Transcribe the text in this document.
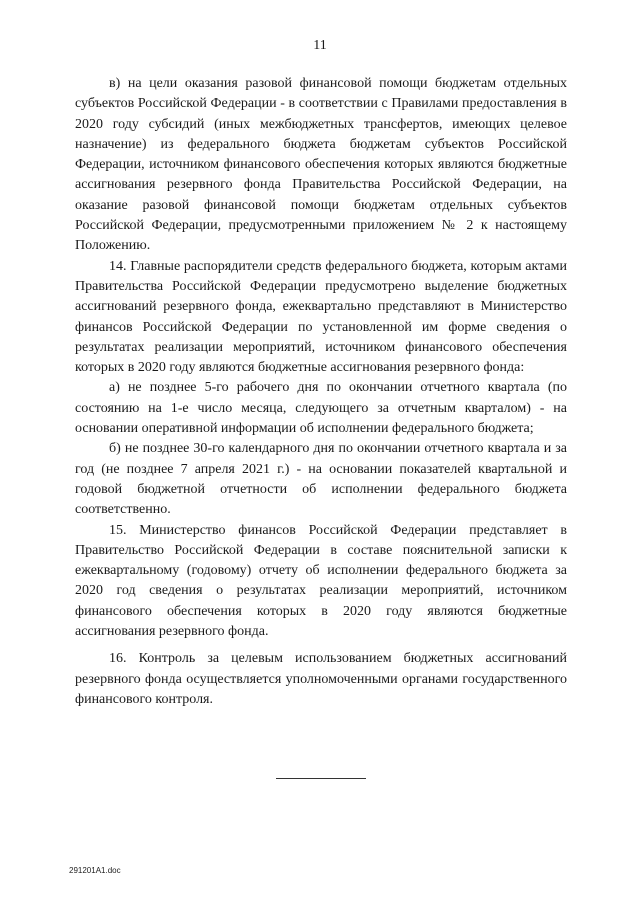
11

в) на цели оказания разовой финансовой помощи бюджетам отдельных субъектов Российской Федерации - в соответствии с Правилами предоставления в 2020 году субсидий (иных межбюджетных трансфертов, имеющих целевое назначение) из федерального бюджета бюджетам субъектов Российской Федерации, источником финансового обеспечения которых являются бюджетные ассигнования резервного фонда Правительства Российской Федерации, на оказание разовой финансовой помощи бюджетам отдельных субъектов Российской Федерации, предусмотренными приложением № 2 к настоящему Положению.

14. Главные распорядители средств федерального бюджета, которым актами Правительства Российской Федерации предусмотрено выделение бюджетных ассигнований резервного фонда, ежеквартально представляют в Министерство финансов Российской Федерации по установленной им форме сведения о результатах реализации мероприятий, источником финансового обеспечения которых в 2020 году являются бюджетные ассигнования резервного фонда:

а) не позднее 5-го рабочего дня по окончании отчетного квартала (по состоянию на 1-е число месяца, следующего за отчетным кварталом) - на основании оперативной информации об исполнении федерального бюджета;

б) не позднее 30-го календарного дня по окончании отчетного квартала и за год (не позднее 7 апреля 2021 г.) - на основании показателей квартальной и годовой бюджетной отчетности об исполнении федерального бюджета соответственно.

15. Министерство финансов Российской Федерации представляет в Правительство Российской Федерации в составе пояснительной записки к ежеквартальному (годовому) отчету об исполнении федерального бюджета за 2020 год сведения о результатах реализации мероприятий, источником финансового обеспечения которых в 2020 году являются бюджетные ассигнования резервного фонда.

16. Контроль за целевым использованием бюджетных ассигнований резервного фонда осуществляется уполномоченными органами государственного финансового контроля.

291201A1.doc
